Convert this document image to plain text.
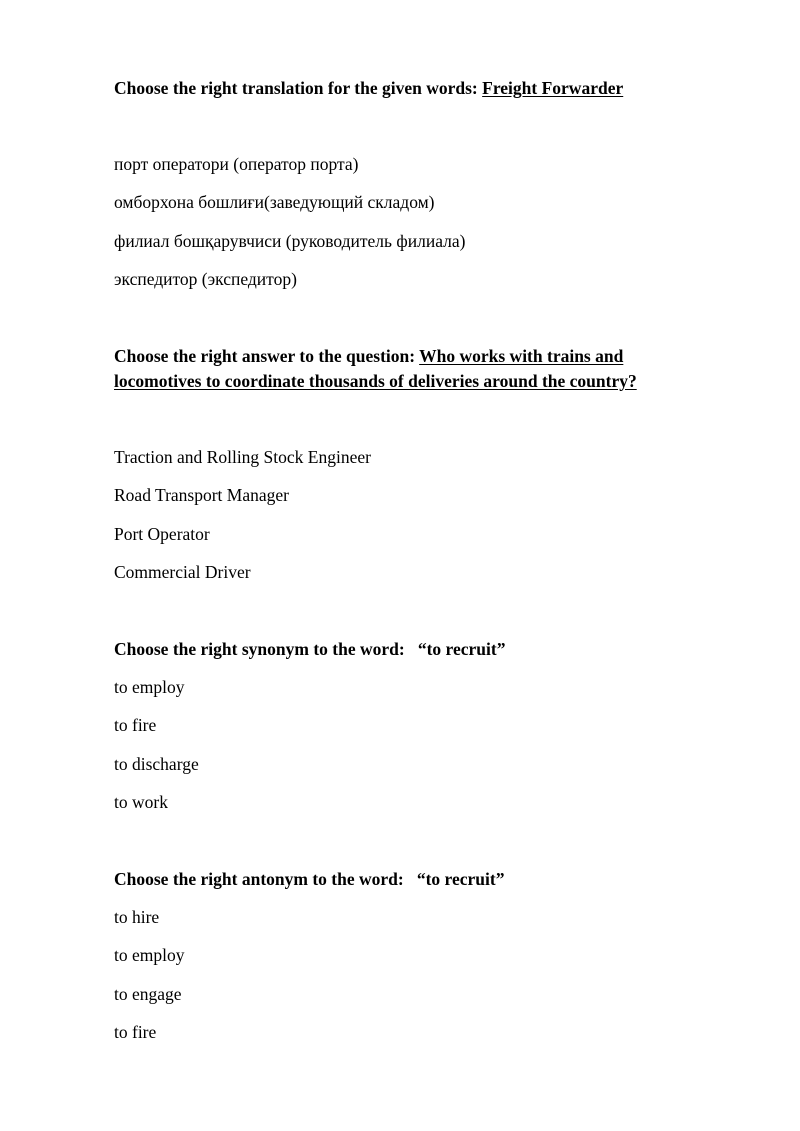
Choose the right translation for the given words: Freight Forwarder

порт оператори (оператор порта)
омборхона бошлиғи(заведующий складом)
филиал бошқарувчиси (руководитель филиала)
экспедитор (экспедитор)

Choose the right answer to the question: Who works with trains and locomotives to coordinate thousands of deliveries around the country?

Traction and Rolling Stock Engineer
Road Transport Manager
Port Operator
Commercial Driver

Choose the right synonym to the word:   “to recruit”

to employ
to fire
to discharge
to work

Choose the right antonym to the word:   “to recruit”

to hire
to employ
to engage
to fire
